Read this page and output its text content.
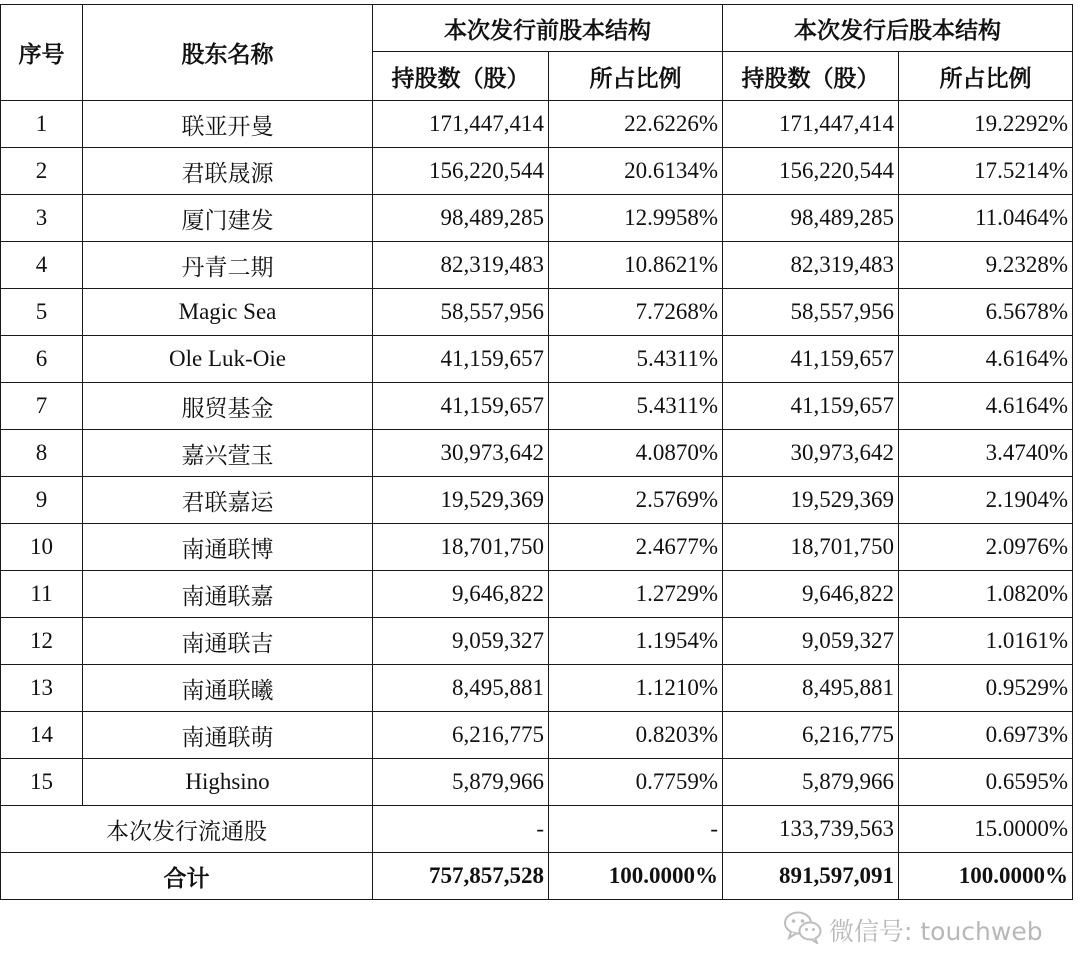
序号	股东名称	本次发行前股本结构		本次发行后股本结构	
		持股数（股）	所占比例	持股数（股）	所占比例
1	联亚开曼	171,447,414	22.6226%	171,447,414	19.2292%
2	君联晟源	156,220,544	20.6134%	156,220,544	17.5214%
3	厦门建发	98,489,285	12.9958%	98,489,285	11.0464%
4	丹青二期	82,319,483	10.8621%	82,319,483	9.2328%
5	Magic Sea	58,557,956	7.7268%	58,557,956	6.5678%
6	Ole Luk-Oie	41,159,657	5.4311%	41,159,657	4.6164%
7	服贸基金	41,159,657	5.4311%	41,159,657	4.6164%
8	嘉兴萱玉	30,973,642	4.0870%	30,973,642	3.4740%
9	君联嘉运	19,529,369	2.5769%	19,529,369	2.1904%
10	南通联博	18,701,750	2.4677%	18,701,750	2.0976%
11	南通联嘉	9,646,822	1.2729%	9,646,822	1.0820%
12	南通联吉	9,059,327	1.1954%	9,059,327	1.0161%
13	南通联曦	8,495,881	1.1210%	8,495,881	0.9529%
14	南通联萌	6,216,775	0.8203%	6,216,775	0.6973%
15	Highsino	5,879,966	0.7759%	5,879,966	0.6595%
本次发行流通股		-	-	133,739,563	15.0000%
合计		757,857,528	100.0000%	891,597,091	100.0000%
微信号: touchweb
